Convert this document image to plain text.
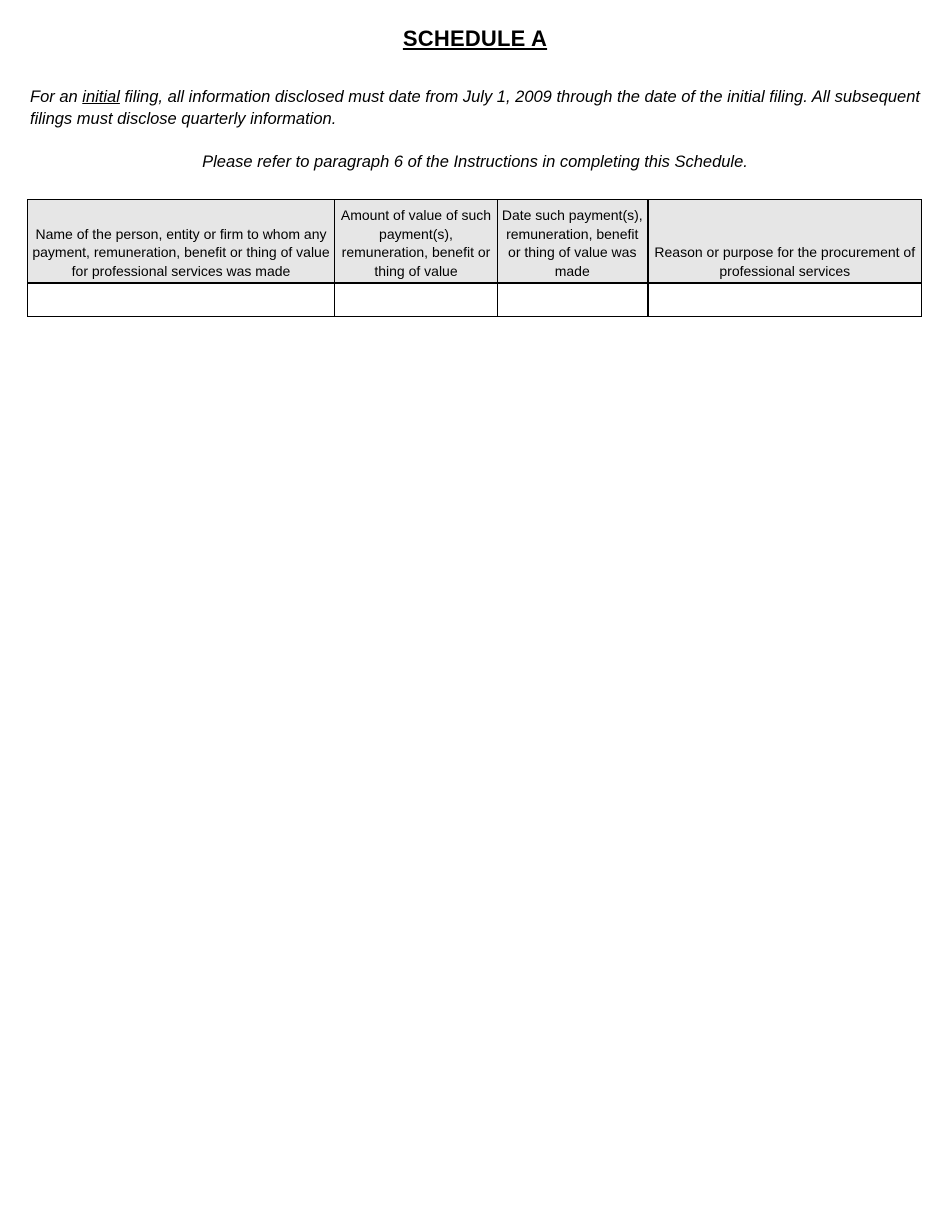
SCHEDULE A

For an initial filing, all information disclosed must date from July 1, 2009 through the date of the initial filing. All subsequent filings must disclose quarterly information.

Please refer to paragraph 6 of the Instructions in completing this Schedule.
Name of the person, entity or firm to whom any payment, remuneration, benefit or thing of value for professional services was made	Amount of value of such payment(s), remuneration, benefit or thing of value	Date such payment(s), remuneration, benefit or thing of value was made	Reason or purpose for the procurement of professional services
